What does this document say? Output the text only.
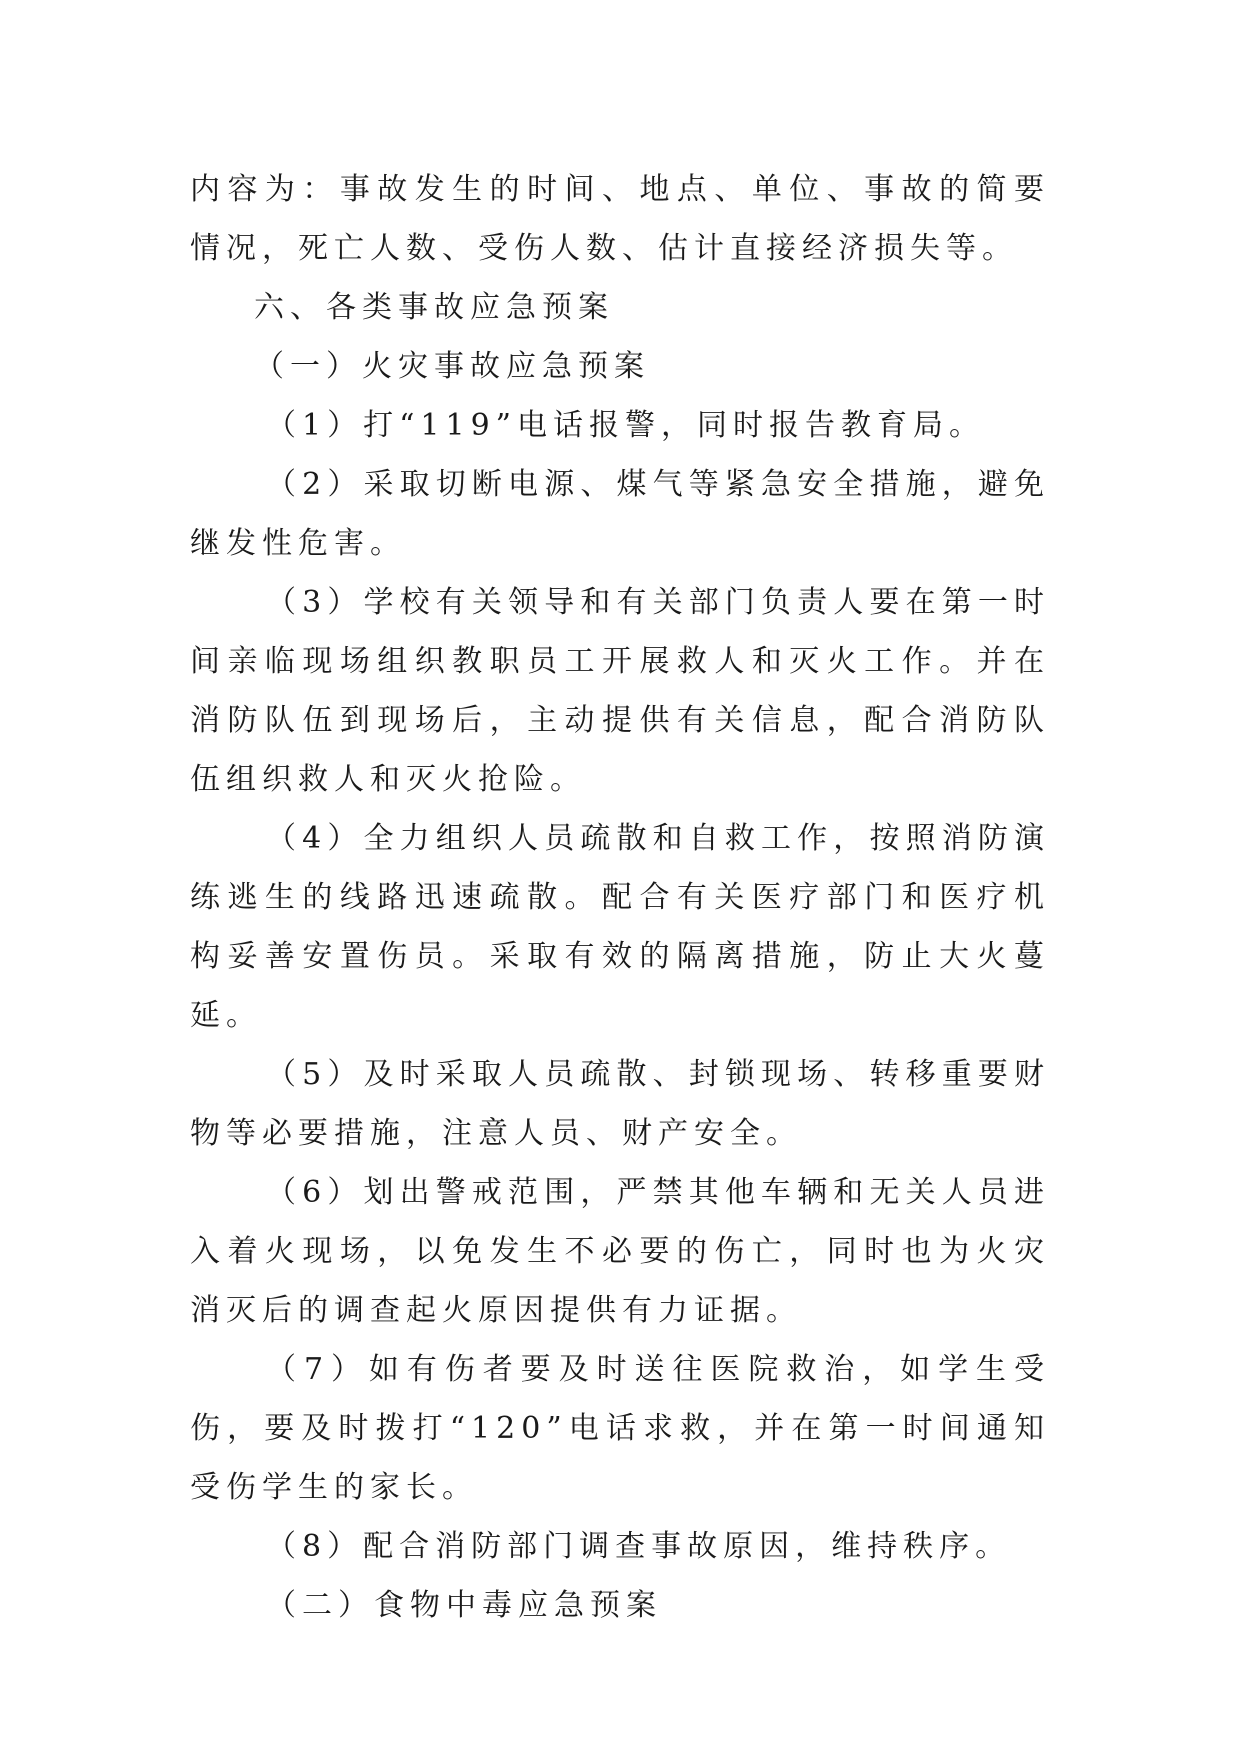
内容为：事故发生的时间、地点、单位、事故的简要情况，死亡人数、受伤人数、估计直接经济损失等。

六、各类事故应急预案

（一）火灾事故应急预案

（1）打“119”电话报警，同时报告教育局。

（2）采取切断电源、煤气等紧急安全措施，避免继发性危害。

（3）学校有关领导和有关部门负责人要在第一时间亲临现场组织教职员工开展救人和灭火工作。并在消防队伍到现场后，主动提供有关信息，配合消防队伍组织救人和灭火抢险。

（4）全力组织人员疏散和自救工作，按照消防演练逃生的线路迅速疏散。配合有关医疗部门和医疗机构妥善安置伤员。采取有效的隔离措施，防止大火蔓延。

（5）及时采取人员疏散、封锁现场、转移重要财物等必要措施，注意人员、财产安全。

（6）划出警戒范围，严禁其他车辆和无关人员进入着火现场，以免发生不必要的伤亡，同时也为火灾消灭后的调查起火原因提供有力证据。

（7）如有伤者要及时送往医院救治，如学生受伤，要及时拨打“120”电话求救，并在第一时间通知受伤学生的家长。

（8）配合消防部门调查事故原因，维持秩序。

（二）食物中毒应急预案
